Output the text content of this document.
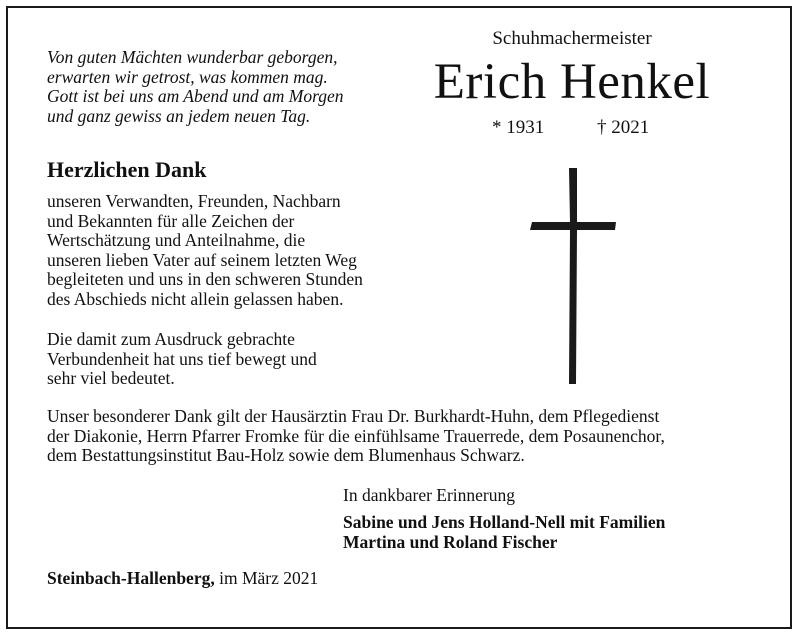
Von guten Mächten wunderbar geborgen,
erwarten wir getrost, was kommen mag.
Gott ist bei uns am Abend und am Morgen
und ganz gewiss an jedem neuen Tag.
Schuhmachermeister
Erich Henkel
* 1931	† 2021
Herzlichen Dank
unseren Verwandten, Freunden, Nachbarn
und Bekannten für alle Zeichen der
Wertschätzung und Anteilnahme, die
unseren lieben Vater auf seinem letzten Weg
begleiteten und uns in den schweren Stunden
des Abschieds nicht allein gelassen haben.
Die damit zum Ausdruck gebrachte
Verbundenheit hat uns tief bewegt und
sehr viel bedeutet.
Unser besonderer Dank gilt der Hausärztin Frau Dr. Burkhardt-Huhn, dem Pflegedienst
der Diakonie, Herrn Pfarrer Fromke für die einfühlsame Trauerrede, dem Posaunenchor,
dem Bestattungsinstitut Bau-Holz sowie dem Blumenhaus Schwarz.
In dankbarer Erinnerung
Sabine und Jens Holland-Nell mit Familien
Martina und Roland Fischer
Steinbach-Hallenberg, im März 2021
